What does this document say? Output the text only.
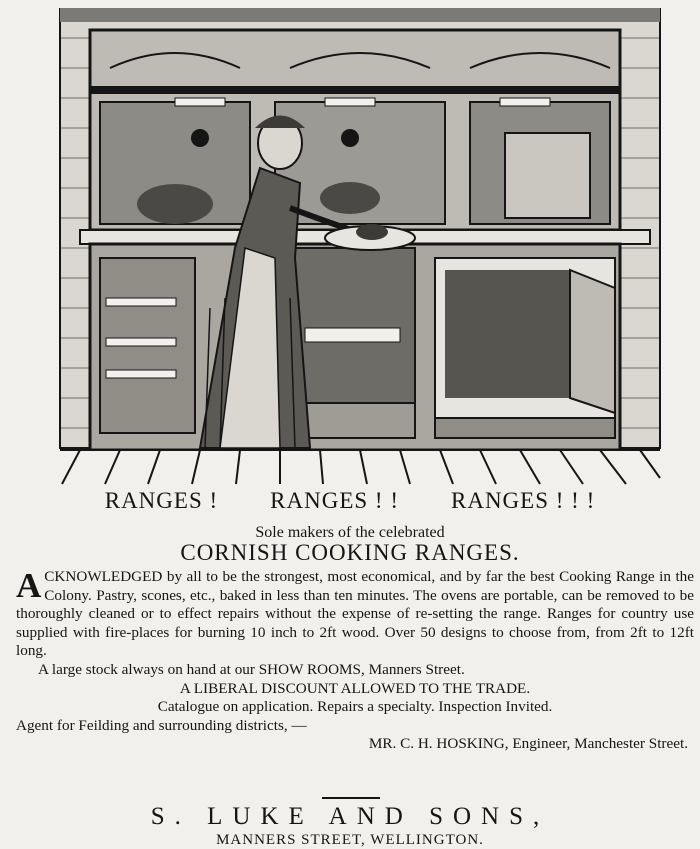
RANGES ! RANGES ! ! RANGES ! ! !
Sole makers of the celebrated
CORNISH COOKING RANGES.

ACKNOWLEDGED by all to be the strongest, most economical, and by far the best Cooking Range in the Colony. Pastry, scones, etc., baked in less than ten minutes. The ovens are portable, can be removed to be thoroughly cleaned or to effect repairs without the expense of re-setting the range. Ranges for country use supplied with fire-places for burning 10 inch to 2ft wood. Over 50 designs to choose from, from 2ft to 12ft long.

A large stock always on hand at our SHOW ROOMS, Manners Street.

A LIBERAL DISCOUNT ALLOWED TO THE TRADE.

Catalogue on application. Repairs a specialty. Inspection Invited.

Agent for Feilding and surrounding districts, —

MR. C. H. HOSKING, Engineer, Manchester Street.

S. LUKE AND SONS,
MANNERS STREET, WELLINGTON.
